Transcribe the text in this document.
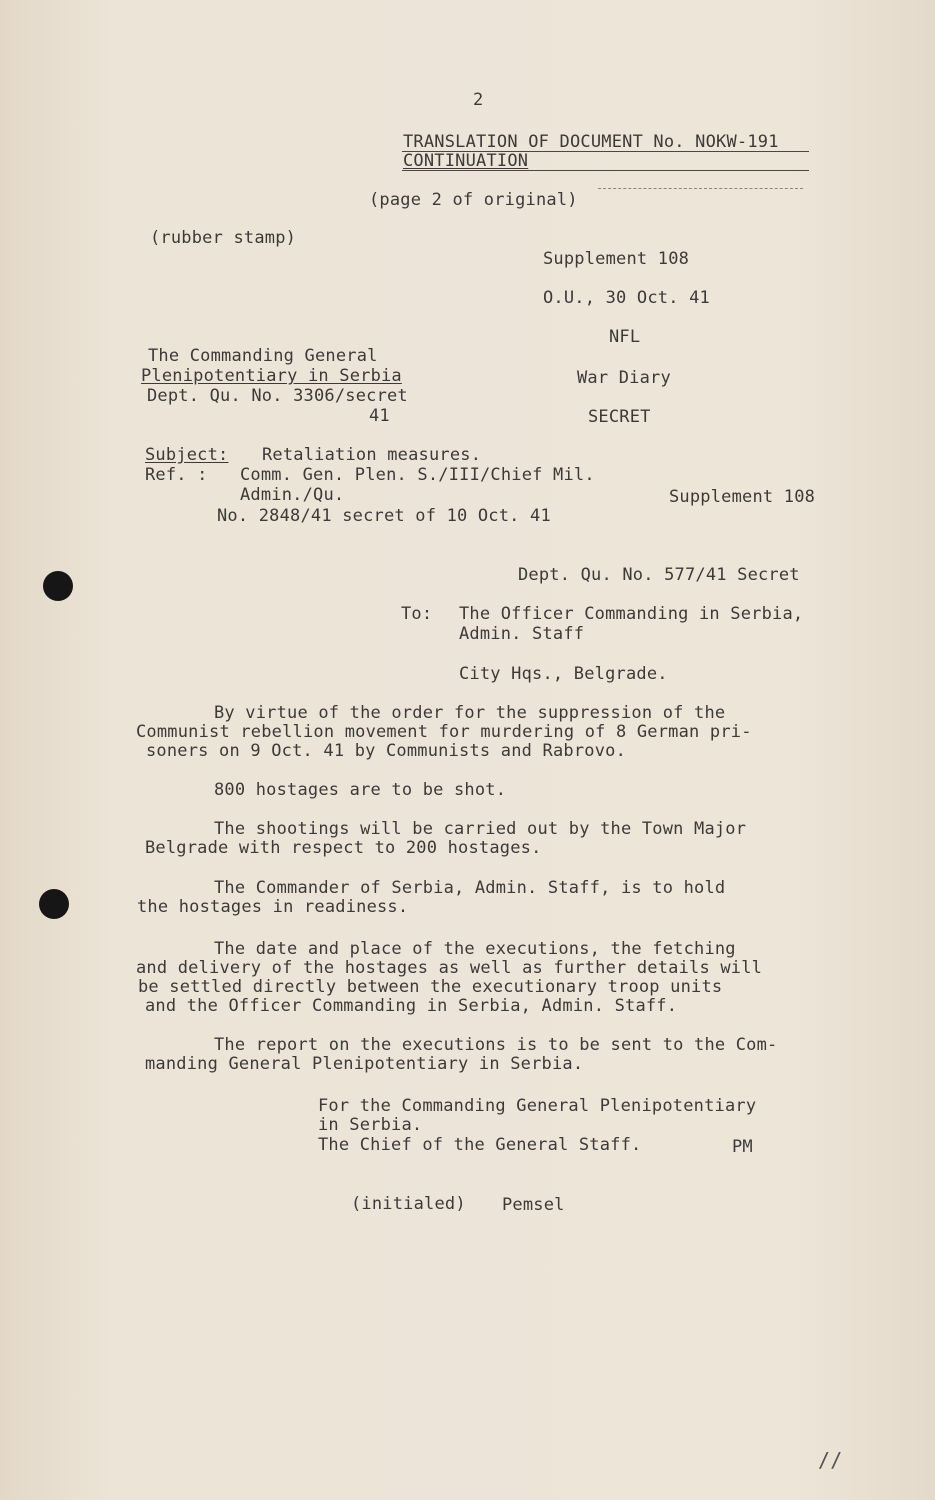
2
TRANSLATION OF DOCUMENT No. NOKW-191
CONTINUATION
(page 2 of original)
(rubber stamp)
Supplement 108
O.U., 30 Oct. 41
NFL
War Diary
SECRET
The Commanding General
Plenipotentiary in Serbia
Dept. Qu. No. 3306/secret
41
Subject: Retaliation measures.
Ref. : Comm. Gen. Plen. S./III/Chief Mil.
Admin./Qu.
No. 2848/41 secret of 10 Oct. 41
Supplement 108
Dept. Qu. No. 577/41 Secret
To: The Officer Commanding in Serbia,
Admin. Staff
City Hqs., Belgrade.
By virtue of the order for the suppression of the
Communist rebellion movement for murdering of 8 German pri-
soners on 9 Oct. 41 by Communists and Rabrovo.
800 hostages are to be shot.
The shootings will be carried out by the Town Major
Belgrade with respect to 200 hostages.
The Commander of Serbia, Admin. Staff, is to hold
the hostages in readiness.
The date and place of the executions, the fetching
and delivery of the hostages as well as further details will
be settled directly between the executionary troop units
and the Officer Commanding in Serbia, Admin. Staff.
The report on the executions is to be sent to the Com-
manding General Plenipotentiary in Serbia.
For the Commanding General Plenipotentiary
in Serbia.
The Chief of the General Staff.	PM
(initialed) Pemsel
//
